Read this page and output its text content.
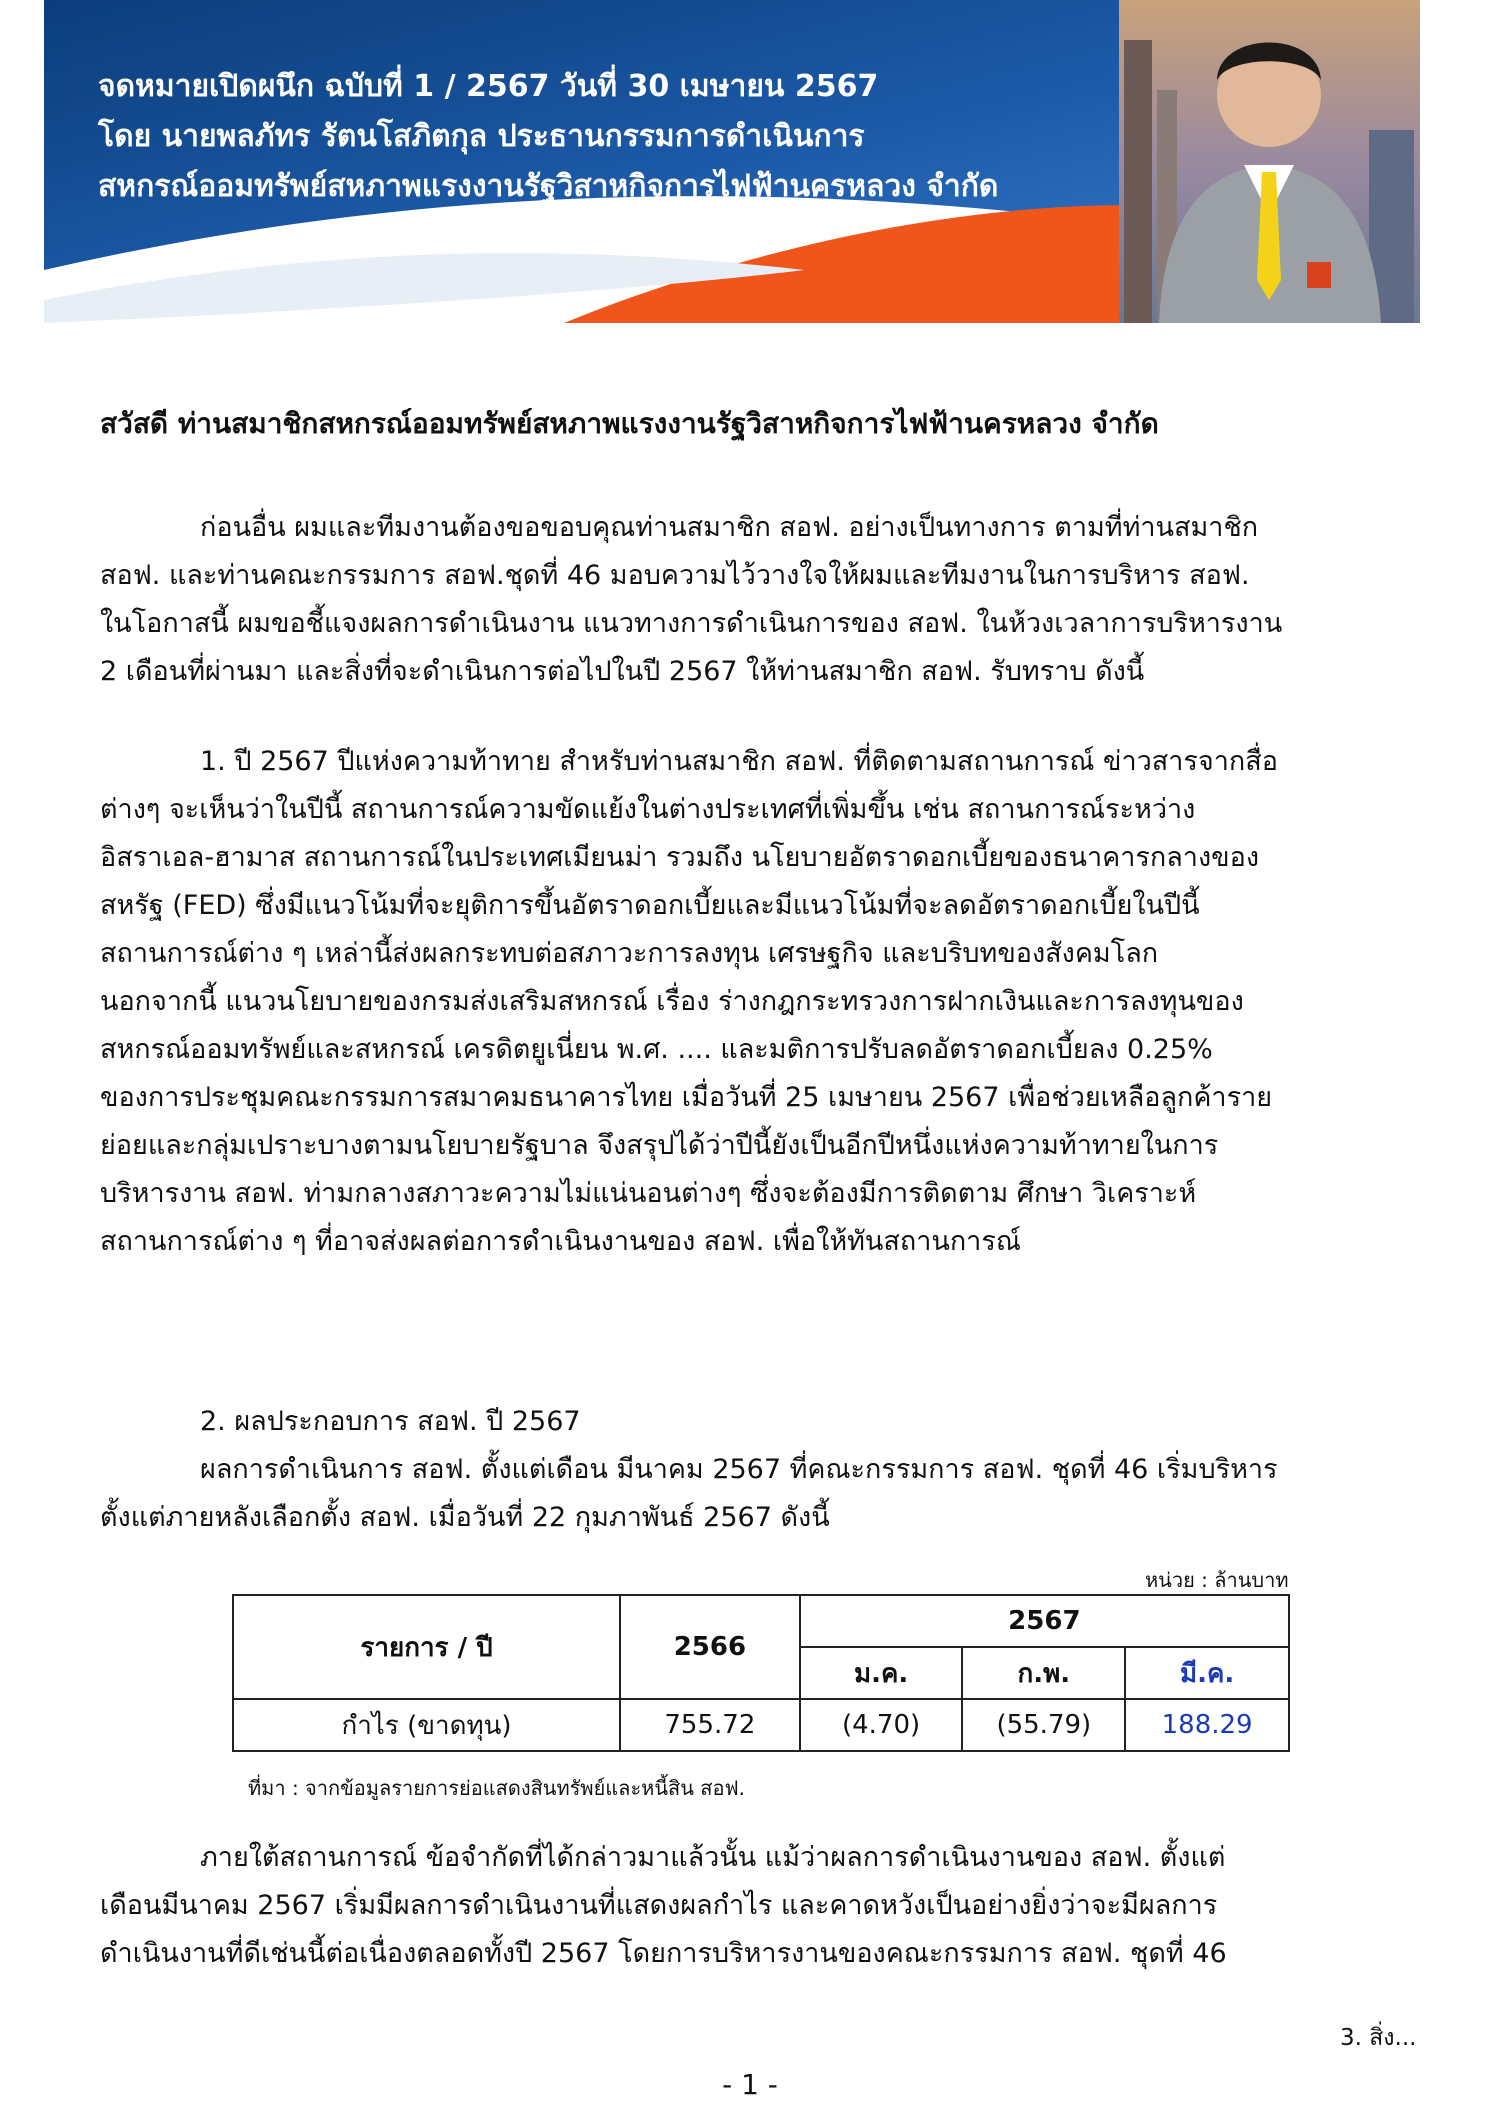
จดหมายเปิดผนึก ฉบับที่ 1 / 2567 วันที่ 30 เมษายน 2567
โดย นายพลภัทร รัตนโสภิตกุล ประธานกรรมการดำเนินการ
สหกรณ์ออมทรัพย์สหภาพแรงงานรัฐวิสาหกิจการไฟฟ้านครหลวง จำกัด
สวัสดี ท่านสมาชิกสหกรณ์ออมทรัพย์สหภาพแรงงานรัฐวิสาหกิจการไฟฟ้านครหลวง จำกัด
ก่อนอื่น ผมและทีมงานต้องขอขอบคุณท่านสมาชิก สอฟ. อย่างเป็นทางการ ตามที่ท่านสมาชิก
สอฟ. และท่านคณะกรรมการ สอฟ.ชุดที่ 46 มอบความไว้วางใจให้ผมและทีมงานในการบริหาร สอฟ.
ในโอกาสนี้ ผมขอชี้แจงผลการดำเนินงาน แนวทางการดำเนินการของ สอฟ. ในห้วงเวลาการบริหารงาน
2 เดือนที่ผ่านมา และสิ่งที่จะดำเนินการต่อไปในปี 2567 ให้ท่านสมาชิก สอฟ. รับทราบ ดังนี้
1. ปี 2567 ปีแห่งความท้าทาย สำหรับท่านสมาชิก สอฟ. ที่ติดตามสถานการณ์ ข่าวสารจากสื่อ
ต่างๆ จะเห็นว่าในปีนี้ สถานการณ์ความขัดแย้งในต่างประเทศที่เพิ่มขึ้น เช่น สถานการณ์ระหว่าง
อิสราเอล-ฮามาส สถานการณ์ในประเทศเมียนม่า รวมถึง นโยบายอัตราดอกเบี้ยของธนาคารกลางของ
สหรัฐ (FED) ซึ่งมีแนวโน้มที่จะยุติการขึ้นอัตราดอกเบี้ยและมีแนวโน้มที่จะลดอัตราดอกเบี้ยในปีนี้
สถานการณ์ต่าง ๆ เหล่านี้ส่งผลกระทบต่อสภาวะการลงทุน เศรษฐกิจ และบริบทของสังคมโลก
นอกจากนี้ แนวนโยบายของกรมส่งเสริมสหกรณ์ เรื่อง ร่างกฎกระทรวงการฝากเงินและการลงทุนของ
สหกรณ์ออมทรัพย์และสหกรณ์ เครดิตยูเนี่ยน พ.ศ. .... และมติการปรับลดอัตราดอกเบี้ยลง 0.25%
ของการประชุมคณะกรรมการสมาคมธนาคารไทย เมื่อวันที่ 25 เมษายน 2567 เพื่อช่วยเหลือลูกค้าราย
ย่อยและกลุ่มเปราะบางตามนโยบายรัฐบาล จึงสรุปได้ว่าปีนี้ยังเป็นอีกปีหนึ่งแห่งความท้าทายในการ
บริหารงาน สอฟ. ท่ามกลางสภาวะความไม่แน่นอนต่างๆ ซึ่งจะต้องมีการติดตาม ศึกษา วิเคราะห์
สถานการณ์ต่าง ๆ ที่อาจส่งผลต่อการดำเนินงานของ สอฟ. เพื่อให้ทันสถานการณ์
2. ผลประกอบการ สอฟ. ปี 2567
ผลการดำเนินการ สอฟ. ตั้งแต่เดือน มีนาคม 2567 ที่คณะกรรมการ สอฟ. ชุดที่ 46 เริ่มบริหาร
ตั้งแต่ภายหลังเลือกตั้ง สอฟ. เมื่อวันที่ 22 กุมภาพันธ์ 2567 ดังนี้
หน่วย : ล้านบาท
รายการ / ปี	2566	2567		
		ม.ค.	ก.พ.	มี.ค.
กำไร (ขาดทุน)	755.72	(4.70)	(55.79)	188.29
ที่มา : จากข้อมูลรายการย่อแสดงสินทรัพย์และหนี้สิน สอฟ.
ภายใต้สถานการณ์ ข้อจำกัดที่ได้กล่าวมาแล้วนั้น แม้ว่าผลการดำเนินงานของ สอฟ. ตั้งแต่
เดือนมีนาคม 2567 เริ่มมีผลการดำเนินงานที่แสดงผลกำไร และคาดหวังเป็นอย่างยิ่งว่าจะมีผลการ
ดำเนินงานที่ดีเช่นนี้ต่อเนื่องตลอดทั้งปี 2567 โดยการบริหารงานของคณะกรรมการ สอฟ. ชุดที่ 46
3. สิ่ง...
- 1 -
